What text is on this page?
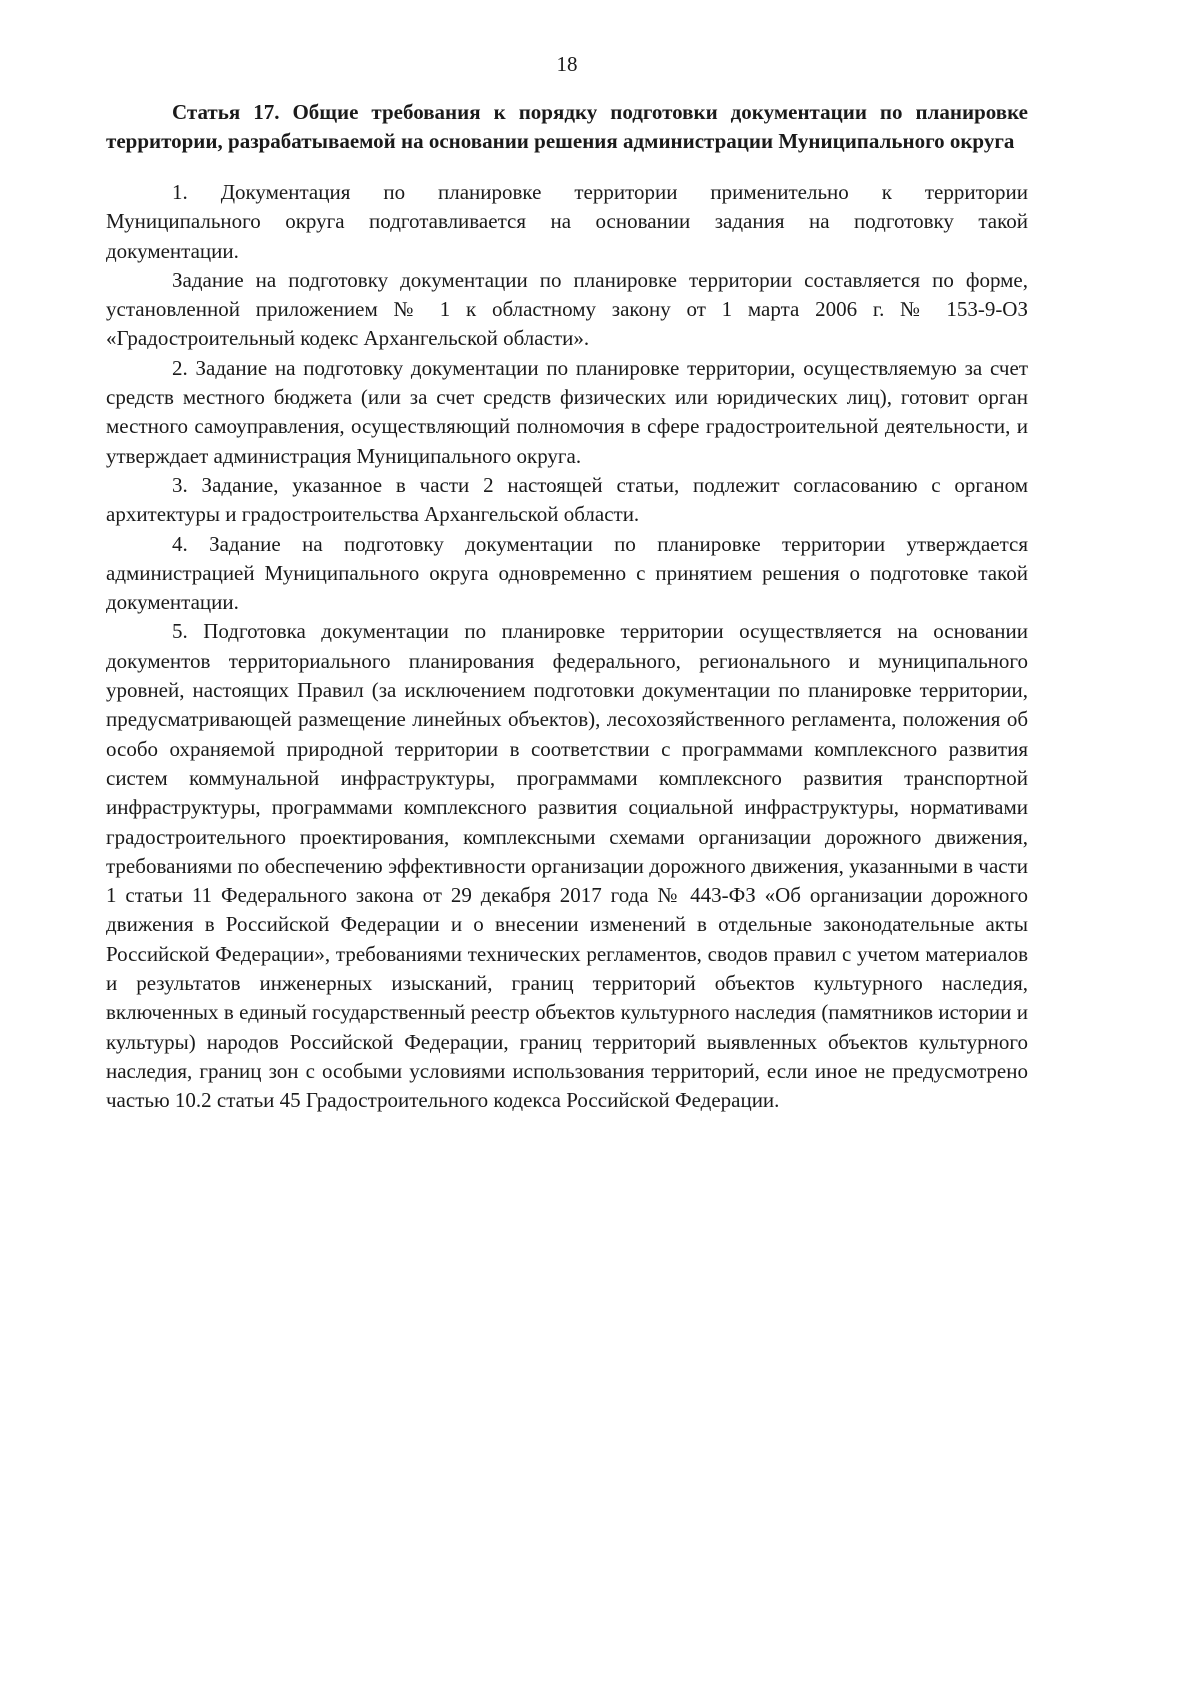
18
Статья 17. Общие требования к порядку подготовки документации по планировке территории, разрабатываемой на основании решения администрации Муниципального округа

1. Документация по планировке территории применительно к территории Муниципального округа подготавливается на основании задания на подготовку такой документации.

Задание на подготовку документации по планировке территории составляется по форме, установленной приложением № 1 к областному закону от 1 марта 2006 г. № 153-9-ОЗ «Градостроительный кодекс Архангельской области».

2. Задание на подготовку документации по планировке территории, осуществляемую за счет средств местного бюджета (или за счет средств физических или юридических лиц), готовит орган местного самоуправления, осуществляющий полномочия в сфере градостроительной деятельности, и утверждает администрация Муниципального округа.

3. Задание, указанное в части 2 настоящей статьи, подлежит согласованию с органом архитектуры и градостроительства Архангельской области.

4. Задание на подготовку документации по планировке территории утверждается администрацией Муниципального округа одновременно с принятием решения о подготовке такой документации.

5. Подготовка документации по планировке территории осуществляется на основании документов территориального планирования федерального, регионального и муниципального уровней, настоящих Правил (за исключением подготовки документации по планировке территории, предусматривающей размещение линейных объектов), лесохозяйственного регламента, положения об особо охраняемой природной территории в соответствии с программами комплексного развития систем коммунальной инфраструктуры, программами комплексного развития транспортной инфраструктуры, программами комплексного развития социальной инфраструктуры, нормативами градостроительного проектирования, комплексными схемами организации дорожного движения, требованиями по обеспечению эффективности организации дорожного движения, указанными в части 1 статьи 11 Федерального закона от 29 декабря 2017 года № 443-ФЗ «Об организации дорожного движения в Российской Федерации и о внесении изменений в отдельные законодательные акты Российской Федерации», требованиями технических регламентов, сводов правил с учетом материалов и результатов инженерных изысканий, границ территорий объектов культурного наследия, включенных в единый государственный реестр объектов культурного наследия (памятников истории и культуры) народов Российской Федерации, границ территорий выявленных объектов культурного наследия, границ зон с особыми условиями использования территорий, если иное не предусмотрено частью 10.2 статьи 45 Градостроительного кодекса Российской Федерации.
